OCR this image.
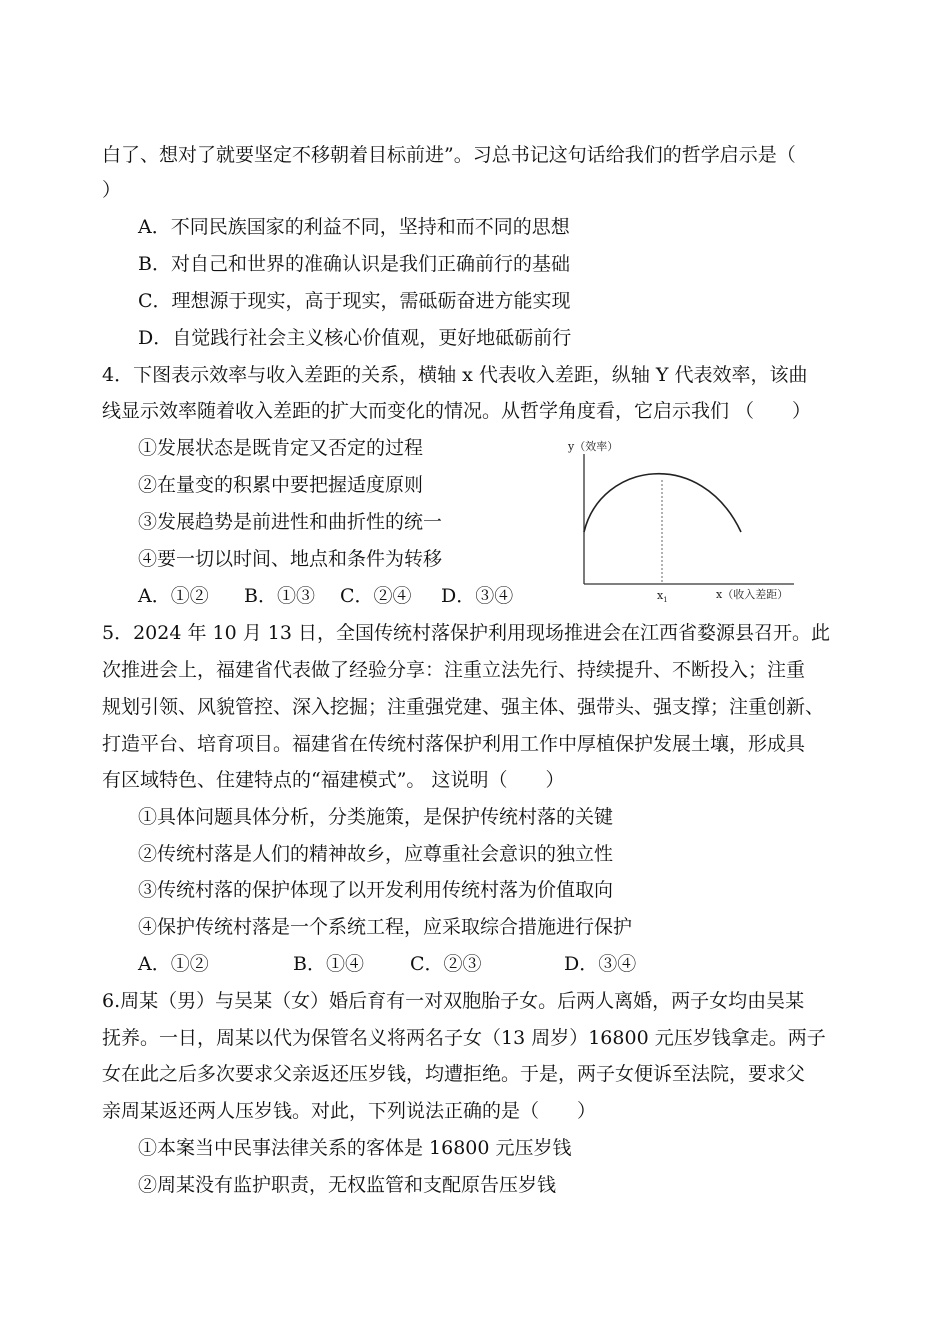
白了、想对了就要坚定不移朝着目标前进”。习总书记这句话给我们的哲学启示是（
）
A．不同民族国家的利益不同，坚持和而不同的思想
B．对自己和世界的准确认识是我们正确前行的基础
C．理想源于现实，高于现实，需砥砺奋进方能实现
D．自觉践行社会主义核心价值观，更好地砥砺前行
4．下图表示效率与收入差距的关系，横轴 x 代表收入差距，纵轴 Y 代表效率，该曲
线显示效率随着收入差距的扩大而变化的情况。从哲学角度看，它启示我们 （　　）
①发展状态是既肯定又否定的过程
②在量变的积累中要把握适度原则
③发展趋势是前进性和曲折性的统一
④要一切以时间、地点和条件为转移
A．①② B．①③ C．②④ D．③④
y（效率）
$x_1$	x（收入差距）
5．2024 年 10 月 13 日，全国传统村落保护利用现场推进会在江西省婺源县召开。此
次推进会上，福建省代表做了经验分享：注重立法先行、持续提升、不断投入；注重
规划引领、风貌管控、深入挖掘；注重强党建、强主体、强带头、强支撑；注重创新、
打造平台、培育项目。福建省在传统村落保护利用工作中厚植保护发展土壤，形成具
有区域特色、住建特点的“福建模式”。 这说明（　　）
①具体问题具体分析，分类施策，是保护传统村落的关键
②传统村落是人们的精神故乡，应尊重社会意识的独立性
③传统村落的保护体现了以开发利用传统村落为价值取向
④保护传统村落是一个系统工程，应采取综合措施进行保护
A．①②	B．①④ C．②③	D．③④
6.周某（男）与吴某（女）婚后育有一对双胞胎子女。后两人离婚，两子女均由吴某
抚养。一日，周某以代为保管名义将两名子女（13 周岁）16800 元压岁钱拿走。两子
女在此之后多次要求父亲返还压岁钱，均遭拒绝。于是，两子女便诉至法院，要求父
亲周某返还两人压岁钱。对此，下列说法正确的是（　　）
①本案当中民事法律关系的客体是 16800 元压岁钱
②周某没有监护职责，无权监管和支配原告压岁钱
